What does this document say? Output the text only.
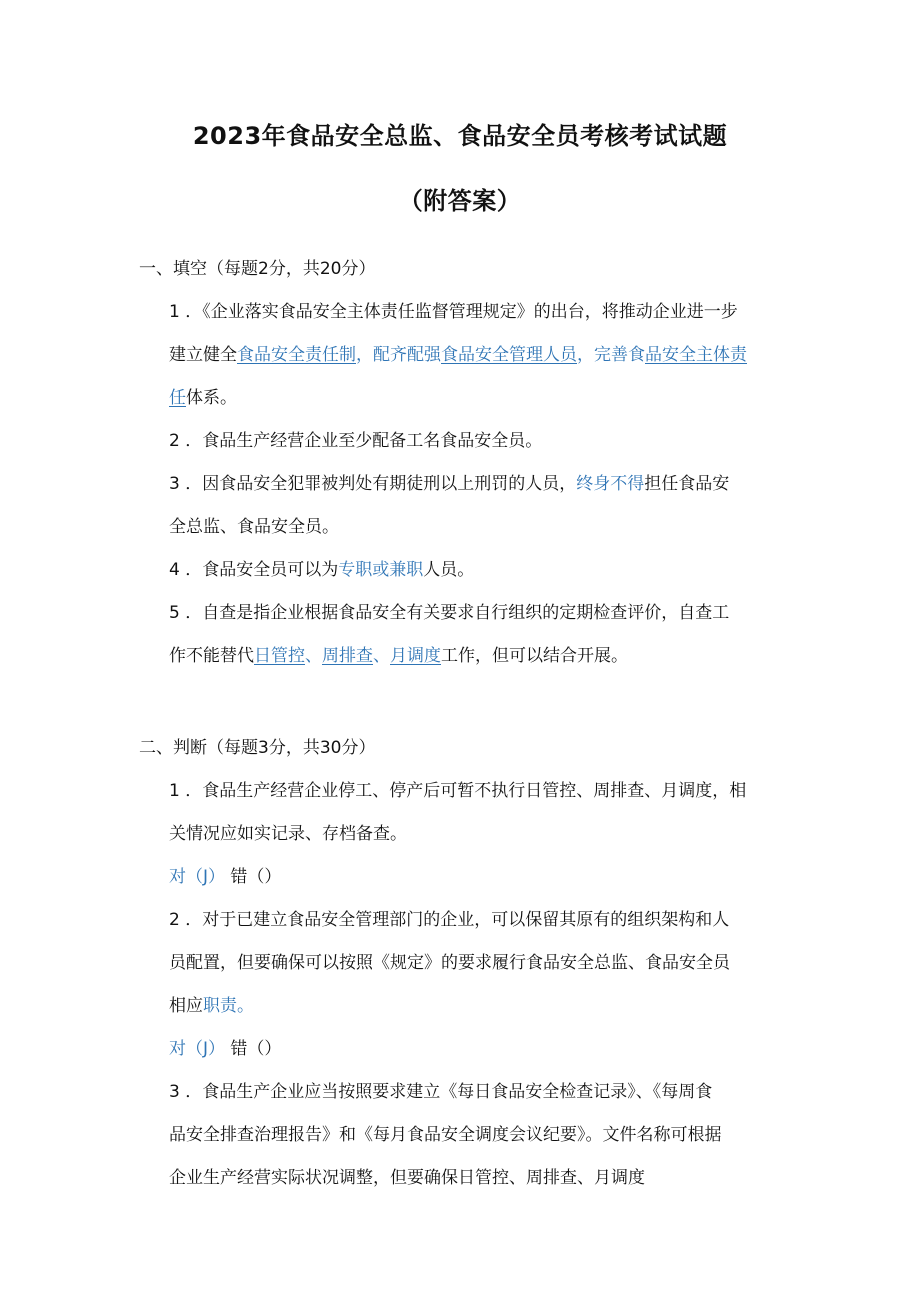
2023年食品安全总监、食品安全员考核考试试题
（附答案）
一、填空（每题2分，共20分）
1 ．《企业落实食品安全主体责任监督管理规定》的出台，将推动企业进一步
建立健全食品安全责任制，配齐配强食品安全管理人员，完善食品安全主体责
任体系。
2 ．食品生产经营企业至少配备工名食品安全员。
3 ．因食品安全犯罪被判处有期徒刑以上刑罚的人员，终身不得担任食品安
全总监、食品安全员。
4 ．食品安全员可以为专职或兼职人员。
5 ．自查是指企业根据食品安全有关要求自行组织的定期检查评价，自查工
作不能替代日管控、周排查、月调度工作，但可以结合开展。
二、判断（每题3分，共30分）
1 ．食品生产经营企业停工、停产后可暂不执行日管控、周排查、月调度，相
关情况应如实记录、存档备查。
对（J） 错（）
2 ．对于已建立食品安全管理部门的企业，可以保留其原有的组织架构和人
员配置，但要确保可以按照《规定》的要求履行食品安全总监、食品安全员
相应职责。
对（J） 错（）
3 ．食品生产企业应当按照要求建立《每日食品安全检查记录》、《每周食
品安全排查治理报告》和《每月食品安全调度会议纪要》。文件名称可根据
企业生产经营实际状况调整，但要确保日管控、周排查、月调度
